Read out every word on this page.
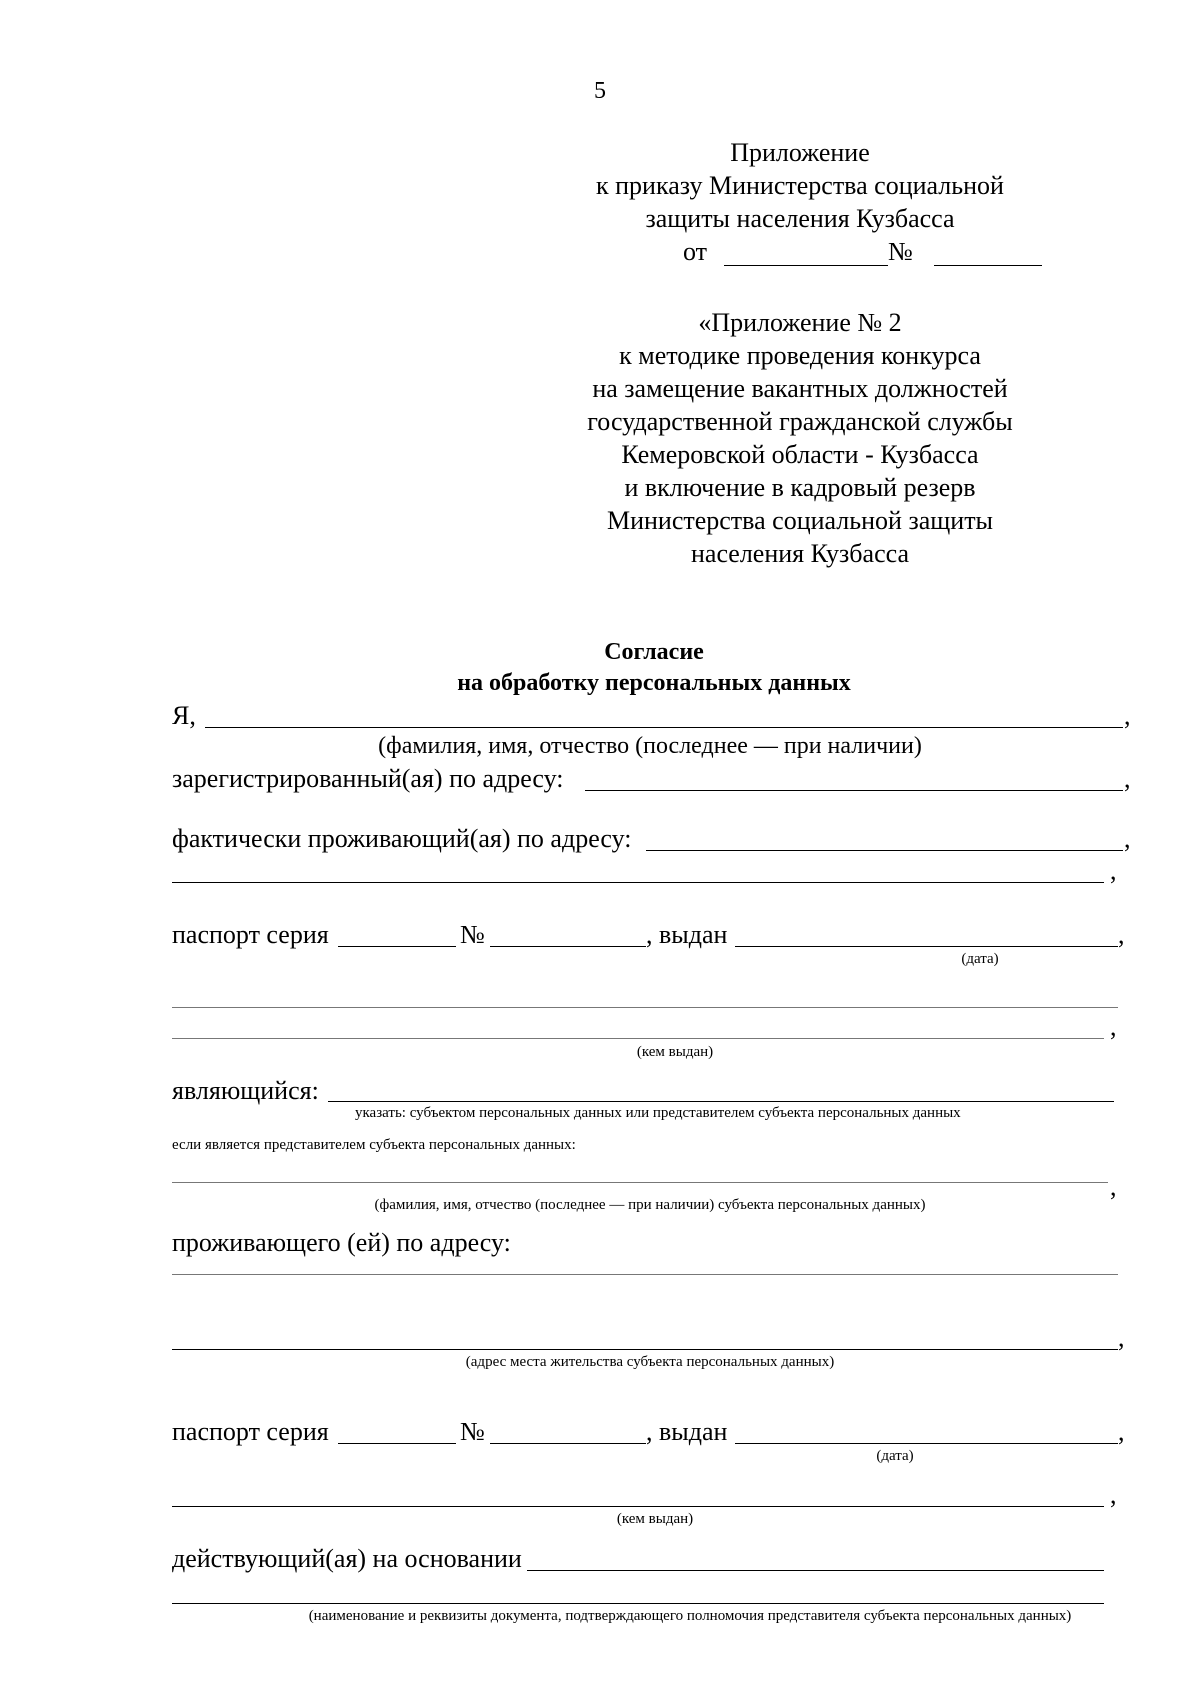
5
Приложение
к приказу Министерства социальной
защиты населения Кузбасса
от	№
«Приложение № 2
к методике проведения конкурса
на замещение вакантных должностей
государственной гражданской службы
Кемеровской области - Кузбасса
и включение в кадровый резерв
Министерства социальной защиты
населения Кузбасса
Согласие
на обработку персональных данных
Я,	,
(фамилия, имя, отчество (последнее — при наличии)
зарегистрированный(ая) по адресу:	,
фактически проживающий(ая) по адресу:	,
,
паспорт серия	№	, выдан	,
(дата)
,
(кем выдан)
являющийся:
указать: субъектом персональных данных или представителем субъекта персональных данных
если является представителем субъекта персональных данных:
,
(фамилия, имя, отчество (последнее — при наличии) субъекта персональных данных)
проживающего (ей) по адресу:
,
(адрес места жительства субъекта персональных данных)
паспорт серия	№	, выдан	,
(дата)
,
(кем выдан)
действующий(ая) на основании
(наименование и реквизиты документа, подтверждающего полномочия представителя субъекта персональных данных)
